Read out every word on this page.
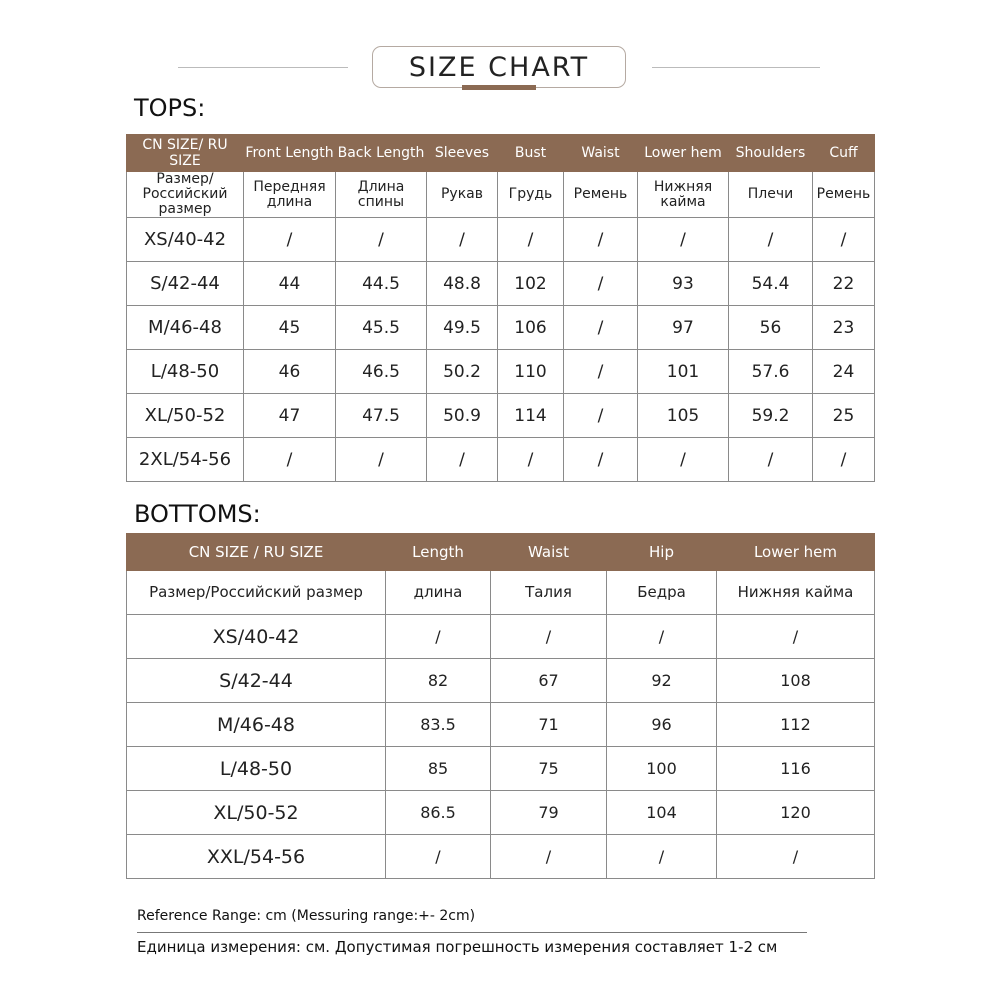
SIZE CHART
TOPS:
CN SIZE/ RU SIZE	Front Length	Back Length	Sleeves	Bust	Waist	Lower hem	Shoulders	Cuff
Размер/ Российский размер	Передняя длина	Длина спины	Рукав	Грудь	Ремень	Нижняя кайма	Плечи	Ремень
XS/40-42	/	/	/	/	/	/	/	/
S/42-44	44	44.5	48.8	102	/	93	54.4	22
M/46-48	45	45.5	49.5	106	/	97	56	23
L/48-50	46	46.5	50.2	110	/	101	57.6	24
XL/50-52	47	47.5	50.9	114	/	105	59.2	25
2XL/54-56	/	/	/	/	/	/	/	/
BOTTOMS:
CN SIZE / RU SIZE	Length	Waist	Hip	Lower hem
Размер/Российский размер	длина	Талия	Бедра	Нижняя кайма
XS/40-42	/	/	/	/
S/42-44	82	67	92	108
M/46-48	83.5	71	96	112
L/48-50	85	75	100	116
XL/50-52	86.5	79	104	120
XXL/54-56	/	/	/	/
Reference Range: cm (Messuring range:+- 2cm)
Единица измерения: см. Допустимая погрешность измерения составляет 1-2 см
